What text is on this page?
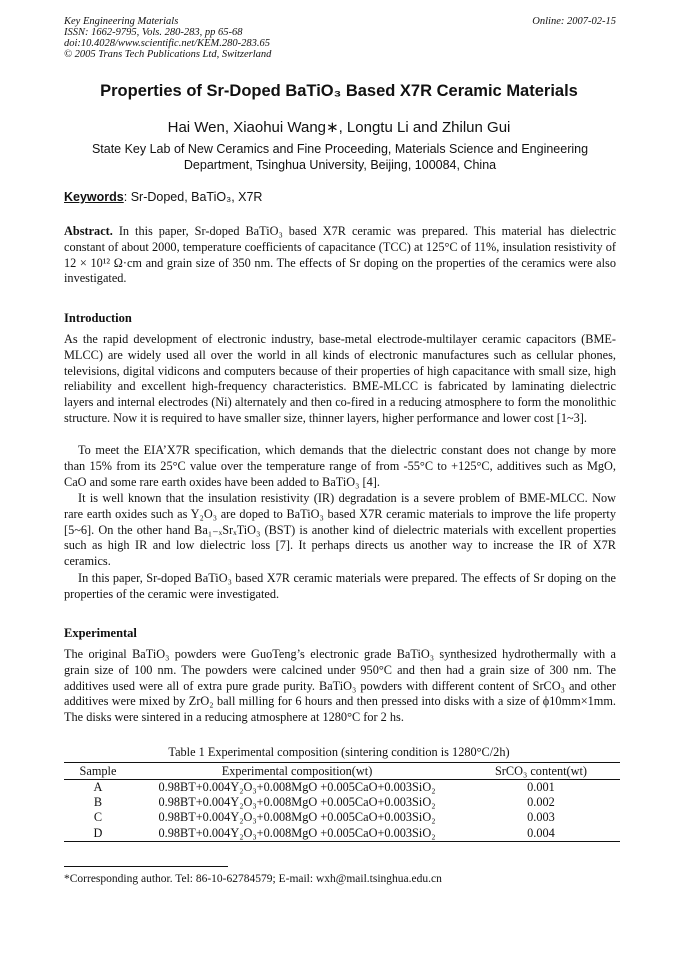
Key Engineering Materials
ISSN: 1662-9795, Vols. 280-283, pp 65-68
doi:10.4028/www.scientific.net/KEM.280-283.65
© 2005 Trans Tech Publications Ltd, Switzerland
Online: 2007-02-15
Properties of Sr-Doped BaTiO₃ Based X7R Ceramic Materials
Hai Wen, Xiaohui Wang∗, Longtu Li and Zhilun Gui
State Key Lab of New Ceramics and Fine Proceeding, Materials Science and Engineering Department, Tsinghua University, Beijing, 100084, China
Keywords: Sr-Doped, BaTiO₃, X7R

Abstract. In this paper, Sr-doped BaTiO₃ based X7R ceramic was prepared. This material has dielectric constant of about 2000, temperature coefficients of capacitance (TCC) at 125°C of 11%, insulation resistivity of 12 × 10¹² Ω·cm and grain size of 350 nm. The effects of Sr doping on the properties of the ceramics were also investigated.

Introduction

As the rapid development of electronic industry, base-metal electrode-multilayer ceramic capacitors (BME-MLCC) are widely used all over the world in all kinds of electronic manufactures such as cellular phones, televisions, digital vidicons and computers because of their properties of high capacitance with small size, high reliability and excellent high-frequency characteristics. BME-MLCC is fabricated by laminating dielectric layers and internal electrodes (Ni) alternately and then co-fired in a reducing atmosphere to form the monolithic structure. Now it is required to have smaller size, thinner layers, higher performance and lower cost [1~3].

To meet the EIA’X7R specification, which demands that the dielectric constant does not change by more than 15% from its 25°C value over the temperature range of from -55°C to +125°C, additives such as MgO, CaO and some rare earth oxides have been added to BaTiO₃ [4].

It is well known that the insulation resistivity (IR) degradation is a severe problem of BME-MLCC. Now rare earth oxides such as Y₂O₃ are doped to BaTiO₃ based X7R ceramic materials to improve the life property [5~6]. On the other hand Ba₁₋ₓSrₓTiO₃ (BST) is another kind of dielectric materials with excellent properties such as high IR and low dielectric loss [7]. It perhaps directs us another way to increase the IR of X7R ceramics.

In this paper, Sr-doped BaTiO₃ based X7R ceramic materials were prepared. The effects of Sr doping on the properties of the ceramic were investigated.

Experimental

The original BaTiO₃ powders were GuoTeng’s electronic grade BaTiO₃ synthesized hydrothermally with a grain size of 100 nm. The powders were calcined under 950°C and then had a grain size of 300 nm. The additives used were all of extra pure grade purity. BaTiO₃ powders with different content of SrCO₃ and other additives were mixed by ZrO₂ ball milling for 6 hours and then pressed into disks with a size of ϕ10mm×1mm. The disks were sintered in a reducing atmosphere at 1280°C for 2 hs.

Table 1 Experimental composition (sintering condition is 1280°C/2h)
Sample	Experimental composition(wt)	SrCO₃ content(wt)
A	0.98BT+0.004Y₂O₃+0.008MgO +0.005CaO+0.003SiO₂	0.001
B	0.98BT+0.004Y₂O₃+0.008MgO +0.005CaO+0.003SiO₂	0.002
C	0.98BT+0.004Y₂O₃+0.008MgO +0.005CaO+0.003SiO₂	0.003
D	0.98BT+0.004Y₂O₃+0.008MgO +0.005CaO+0.003SiO₂	0.004
*Corresponding author. Tel: 86-10-62784579; E-mail: wxh@mail.tsinghua.edu.cn
